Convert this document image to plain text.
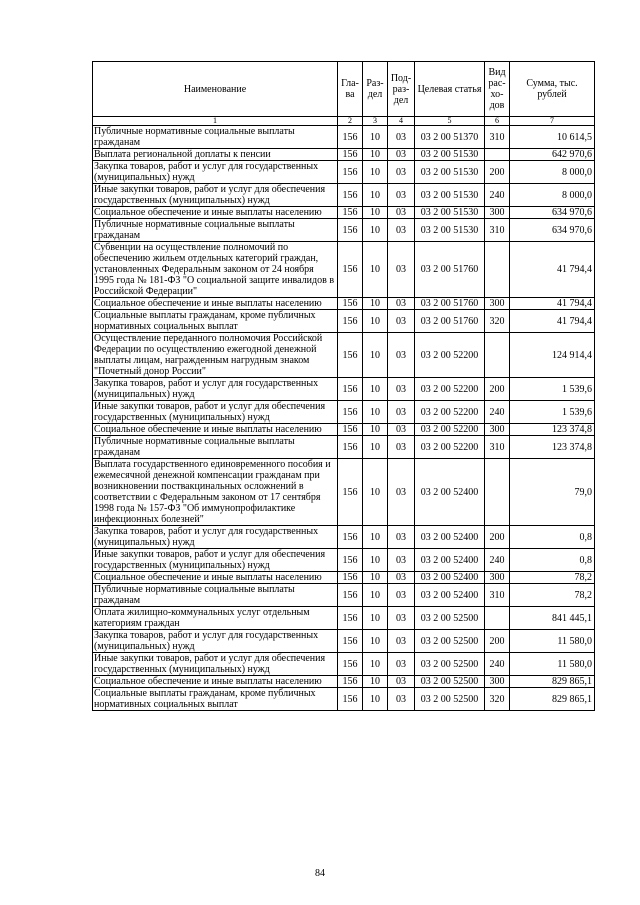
Наименование	Гла-ва	Раз-дел	Под-раз-дел	Целевая статья	Вид рас-хо-дов	Сумма, тыс. рублей
1	2	3	4	5	6	7
Публичные нормативные социальные выплаты гражданам	156	10	03	03 2 00 51370	310	10 614,5
Выплата региональной доплаты к пенсии	156	10	03	03 2 00 51530		642 970,6
Закупка товаров, работ и услуг для государственных (муниципальных) нужд	156	10	03	03 2 00 51530	200	8 000,0
Иные закупки товаров, работ и услуг для обеспечения государственных (муниципальных) нужд	156	10	03	03 2 00 51530	240	8 000,0
Социальное обеспечение и иные выплаты населению	156	10	03	03 2 00 51530	300	634 970,6
Публичные нормативные социальные выплаты гражданам	156	10	03	03 2 00 51530	310	634 970,6
Субвенции на осуществление полномочий по обеспечению жильем отдельных категорий граждан, установленных Федеральным законом от 24 ноября 1995 года № 181-ФЗ "О социальной защите инвалидов в Российской Федерации"	156	10	03	03 2 00 51760		41 794,4
Социальное обеспечение и иные выплаты населению	156	10	03	03 2 00 51760	300	41 794,4
Социальные выплаты гражданам, кроме публичных нормативных социальных выплат	156	10	03	03 2 00 51760	320	41 794,4
Осуществление переданного полномочия Российской Федерации по осуществлению ежегодной денежной выплаты лицам, награжденным нагрудным знаком "Почетный донор России"	156	10	03	03 2 00 52200		124 914,4
Закупка товаров, работ и услуг для государственных (муниципальных) нужд	156	10	03	03 2 00 52200	200	1 539,6
Иные закупки товаров, работ и услуг для обеспечения государственных (муниципальных) нужд	156	10	03	03 2 00 52200	240	1 539,6
Социальное обеспечение и иные выплаты населению	156	10	03	03 2 00 52200	300	123 374,8
Публичные нормативные социальные выплаты гражданам	156	10	03	03 2 00 52200	310	123 374,8
Выплата государственного единовременного пособия и ежемесячной денежной компенсации гражданам при возникновении поствакцинальных осложнений в соответствии с Федеральным законом от 17 сентября 1998 года № 157-ФЗ "Об иммунопрофилактике инфекционных болезней"	156	10	03	03 2 00 52400		79,0
Закупка товаров, работ и услуг для государственных (муниципальных) нужд	156	10	03	03 2 00 52400	200	0,8
Иные закупки товаров, работ и услуг для обеспечения государственных (муниципальных) нужд	156	10	03	03 2 00 52400	240	0,8
Социальное обеспечение и иные выплаты населению	156	10	03	03 2 00 52400	300	78,2
Публичные нормативные социальные выплаты гражданам	156	10	03	03 2 00 52400	310	78,2
Оплата жилищно-коммунальных услуг отдельным категориям граждан	156	10	03	03 2 00 52500		841 445,1
Закупка товаров, работ и услуг для государственных (муниципальных) нужд	156	10	03	03 2 00 52500	200	11 580,0
Иные закупки товаров, работ и услуг для обеспечения государственных (муниципальных) нужд	156	10	03	03 2 00 52500	240	11 580,0
Социальное обеспечение и иные выплаты населению	156	10	03	03 2 00 52500	300	829 865,1
Социальные выплаты гражданам, кроме публичных нормативных социальных выплат	156	10	03	03 2 00 52500	320	829 865,1
84
